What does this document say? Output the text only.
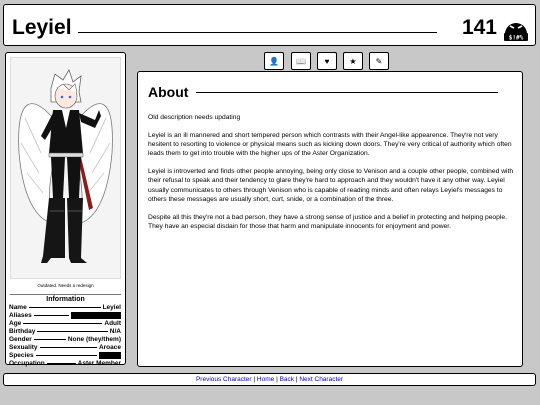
Leyiel	141 $!#%
Outdated. Needs a redesign
Information
Name	Leyiel
Aliases
Age	Adult
Birthday	N/A
Gender	None (they/them)
Sexuality	Aroace
Species
Occupation	Aster Member
👤 📖 ♥	★ ✎
About

Old description needs updating

Leyiel is an ill mannered and short tempered person which contrasts with their Angel-like appearence. They're not very hesitent to resorting to violence or physical means such as kicking down doors. They're very critical of authority which often leads them to get into trouble with the higher ups of the Aster Organization.

Leyiel is introverted and finds other people annoying, being only close to Venison and a couple other people, combined with their refusal to speak and their tendency to glare they're hard to approach and they wouldn't have it any other way. Leyiel usually communicates to others through Venison who is capable of reading minds and often relays Leyiel's messages to others these messages are usually short, curt, snide, or a combination of the three.

Despite all this they're not a bad person, they have a strong sense of justice and a belief in protecting and helping people. They have an especial disdain for those that harm and manipulate innocents for enjoyment and power.

Previous Character | Home | Back | Next Character
